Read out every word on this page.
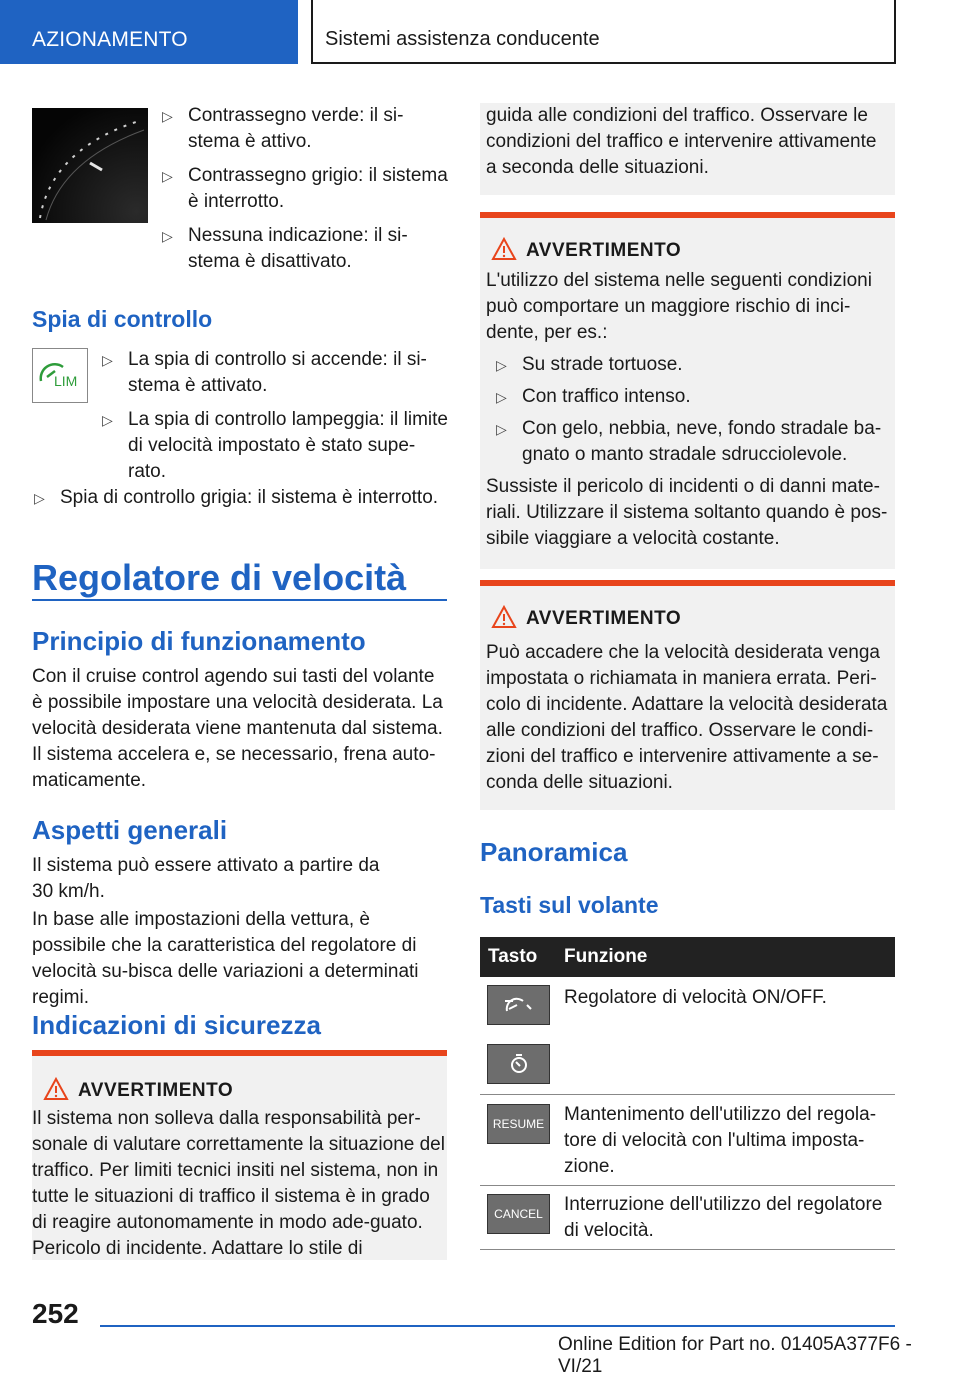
AZIONAMENTO	Sistemi assistenza conducente
▷ Contrassegno verde: il si-stema è attivo.
▷ Contrassegno grigio: il sistema è interrotto.
▷ Nessuna indicazione: il si-stema è disattivato.
Spia di controllo
LIM
▷ La spia di controllo si accende: il si-stema è attivato.
▷ La spia di controllo lampeggia: il limite di velocità impostato è stato supe-rato.
▷ Spia di controllo grigia: il sistema è interrotto.
Regolatore di velocità
Principio di funzionamento
Con il cruise control agendo sui tasti del volante è possibile impostare una velocità desiderata. La velocità desiderata viene mantenuta dal sistema. Il sistema accelera e, se necessario, frena auto-maticamente.
Aspetti generali
Il sistema può essere attivato a partire da 30 km/h.
In base alle impostazioni della vettura, è possibile che la caratteristica del regolatore di velocità su-bisca delle variazioni a determinati regimi.
Indicazioni di sicurezza
AVVERTIMENTO
Il sistema non solleva dalla responsabilità per-sonale di valutare correttamente la situazione del traffico. Per limiti tecnici insiti nel sistema, non in tutte le situazioni di traffico il sistema è in grado di reagire autonomamente in modo ade-guato. Pericolo di incidente. Adattare lo stile di
guida alle condizioni del traffico. Osservare le condizioni del traffico e intervenire attivamente a seconda delle situazioni.
AVVERTIMENTO
L'utilizzo del sistema nelle seguenti condizioni può comportare un maggiore rischio di inci-dente, per es.:
▷ Su strade tortuose.
▷ Con traffico intenso.
▷ Con gelo, nebbia, neve, fondo stradale ba-gnato o manto stradale sdrucciolevole.
Sussiste il pericolo di incidenti o di danni mate-riali. Utilizzare il sistema soltanto quando è pos-sibile viaggiare a velocità costante.
AVVERTIMENTO
Può accadere che la velocità desiderata venga impostata o richiamata in maniera errata. Peri-colo di incidente. Adattare la velocità desiderata alle condizioni del traffico. Osservare le condi-zioni del traffico e intervenire attivamente a se-conda delle situazioni.
Panoramica
Tasti sul volante
Tasto Funzione
Regolatore di velocità ON/OFF.
RESUME Mantenimento dell'utilizzo del regola-tore di velocità con l'ultima imposta-zione.
CANCEL Interruzione dell'utilizzo del regolatore di velocità.
252
Online Edition for Part no. 01405A377F6 - VI/21
